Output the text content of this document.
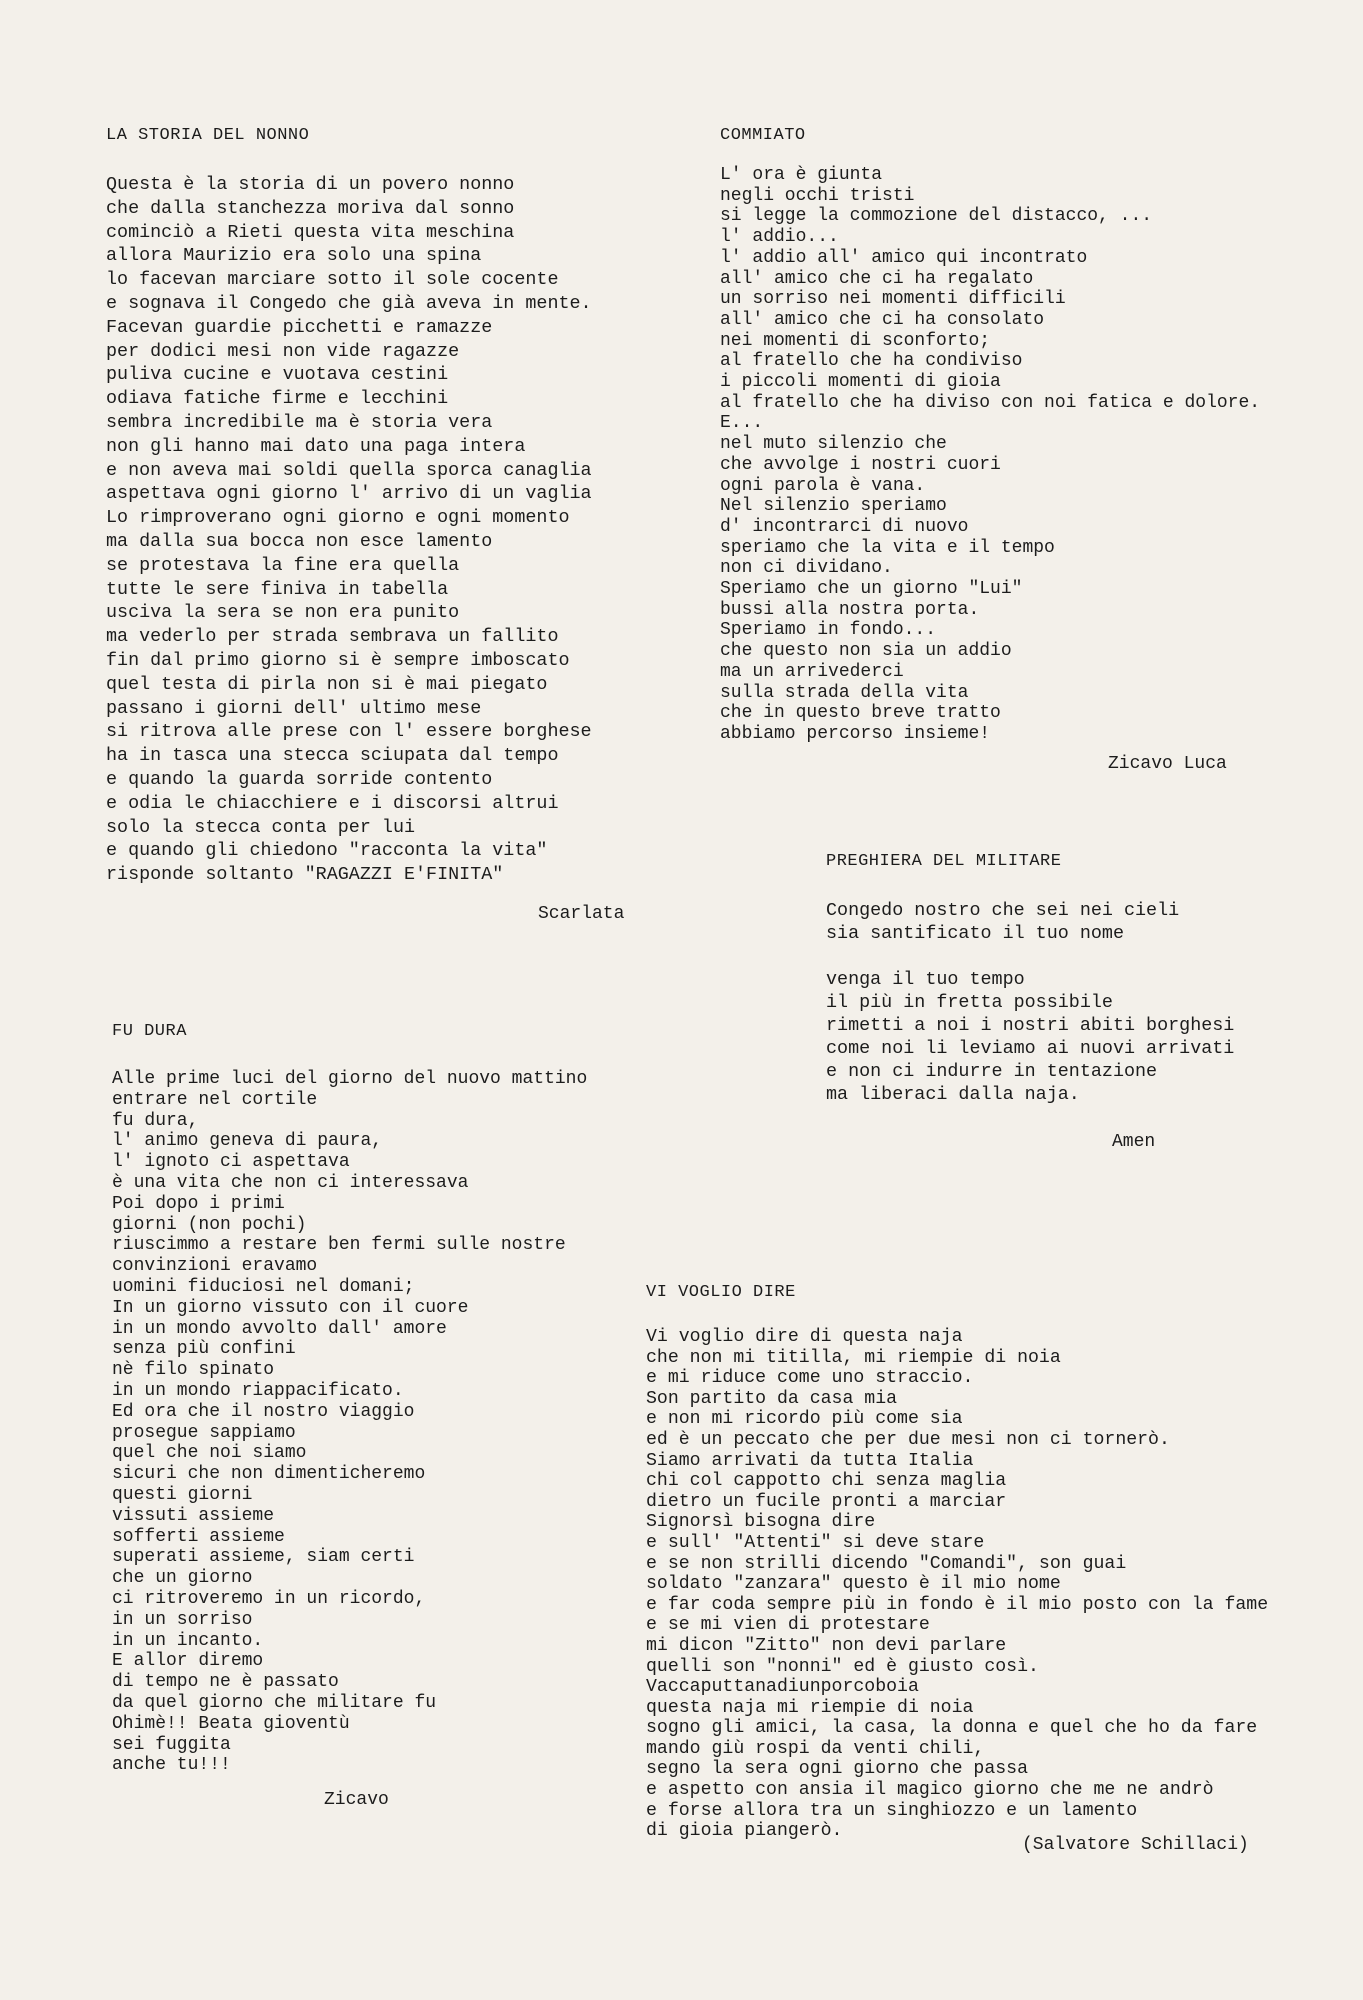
LA STORIA DEL NONNO
Questa è la storia di un povero nonno
che dalla stanchezza moriva dal sonno
cominciò a Rieti questa vita meschina
allora Maurizio era solo una spina
lo facevan marciare sotto il sole cocente
e sognava il Congedo che già aveva in mente.
Facevan guardie picchetti e ramazze
per dodici mesi non vide ragazze
puliva cucine e vuotava cestini
odiava fatiche firme e lecchini
sembra incredibile ma è storia vera
non gli hanno mai dato una paga intera
e non aveva mai soldi quella sporca canaglia
aspettava ogni giorno l' arrivo di un vaglia
Lo rimproverano ogni giorno e ogni momento
ma dalla sua bocca non esce lamento
se protestava la fine era quella
tutte le sere finiva in tabella
usciva la sera se non era punito
ma vederlo per strada sembrava un fallito
fin dal primo giorno si è sempre imboscato
quel testa di pirla non si è mai piegato
passano i giorni dell' ultimo mese
si ritrova alle prese con l' essere borghese
ha in tasca una stecca sciupata dal tempo
e quando la guarda sorride contento
e odia le chiacchiere e i discorsi altrui
solo la stecca conta per lui
e quando gli chiedono "racconta la vita"
risponde soltanto "RAGAZZI E'FINITA"
Scarlata
COMMIATO
L' ora è giunta
negli occhi tristi
si legge la commozione del distacco, ...
l' addio...
l' addio all' amico qui incontrato
all' amico che ci ha regalato
un sorriso nei momenti difficili
all' amico che ci ha consolato
nei momenti di sconforto;
al fratello che ha condiviso
i piccoli momenti di gioia
al fratello che ha diviso con noi fatica e dolore.
E...
nel muto silenzio che
che avvolge i nostri cuori
ogni parola è vana.
Nel silenzio speriamo
d' incontrarci di nuovo
speriamo che la vita e il tempo
non ci dividano.
Speriamo che un giorno "Lui"
bussi alla nostra porta.
Speriamo in fondo...
che questo non sia un addio
ma un arrivederci
sulla strada della vita
che in questo breve tratto
abbiamo percorso insieme!
Zicavo Luca
PREGHIERA DEL MILITARE
Congedo nostro che sei nei cieli
sia santificato il tuo nome

venga il tuo tempo
il più in fretta possibile
rimetti a noi i nostri abiti borghesi
come noi li leviamo ai nuovi arrivati
e non ci indurre in tentazione
ma liberaci dalla naja.
Amen
FU DURA
Alle prime luci del giorno del nuovo mattino
entrare nel cortile
fu dura,
l' animo geneva di paura,
l' ignoto ci aspettava
è una vita che non ci interessava
Poi dopo i primi
giorni (non pochi)
riuscimmo a restare ben fermi sulle nostre
convinzioni eravamo
uomini fiduciosi nel domani;
In un giorno vissuto con il cuore
in un mondo avvolto dall' amore
senza più confini
nè filo spinato
in un mondo riappacificato.
Ed ora che il nostro viaggio
prosegue sappiamo
quel che noi siamo
sicuri che non dimenticheremo
questi giorni
vissuti assieme
sofferti assieme
superati assieme, siam certi
che un giorno
ci ritroveremo in un ricordo,
in un sorriso
in un incanto.
E allor diremo
di tempo ne è passato
da quel giorno che militare fu
Ohimè!! Beata gioventù
sei fuggita
anche tu!!!
Zicavo
VI VOGLIO DIRE
Vi voglio dire di questa naja
che non mi titilla, mi riempie di noia
e mi riduce come uno straccio.
Son partito da casa mia
e non mi ricordo più come sia
ed è un peccato che per due mesi non ci tornerò.
Siamo arrivati da tutta Italia
chi col cappotto chi senza maglia
dietro un fucile pronti a marciar
Signorsì bisogna dire
e sull' "Attenti" si deve stare
e se non strilli dicendo "Comandi", son guai
soldato "zanzara" questo è il mio nome
e far coda sempre più in fondo è il mio posto con la fame
e se mi vien di protestare
mi dicon "Zitto" non devi parlare
quelli son "nonni" ed è giusto così.
Vaccaputtanadiunporcoboia
questa naja mi riempie di noia
sogno gli amici, la casa, la donna e quel che ho da fare
mando giù rospi da venti chili,
segno la sera ogni giorno che passa
e aspetto con ansia il magico giorno che me ne andrò
e forse allora tra un singhiozzo e un lamento
di gioia piangerò.
(Salvatore Schillaci)
